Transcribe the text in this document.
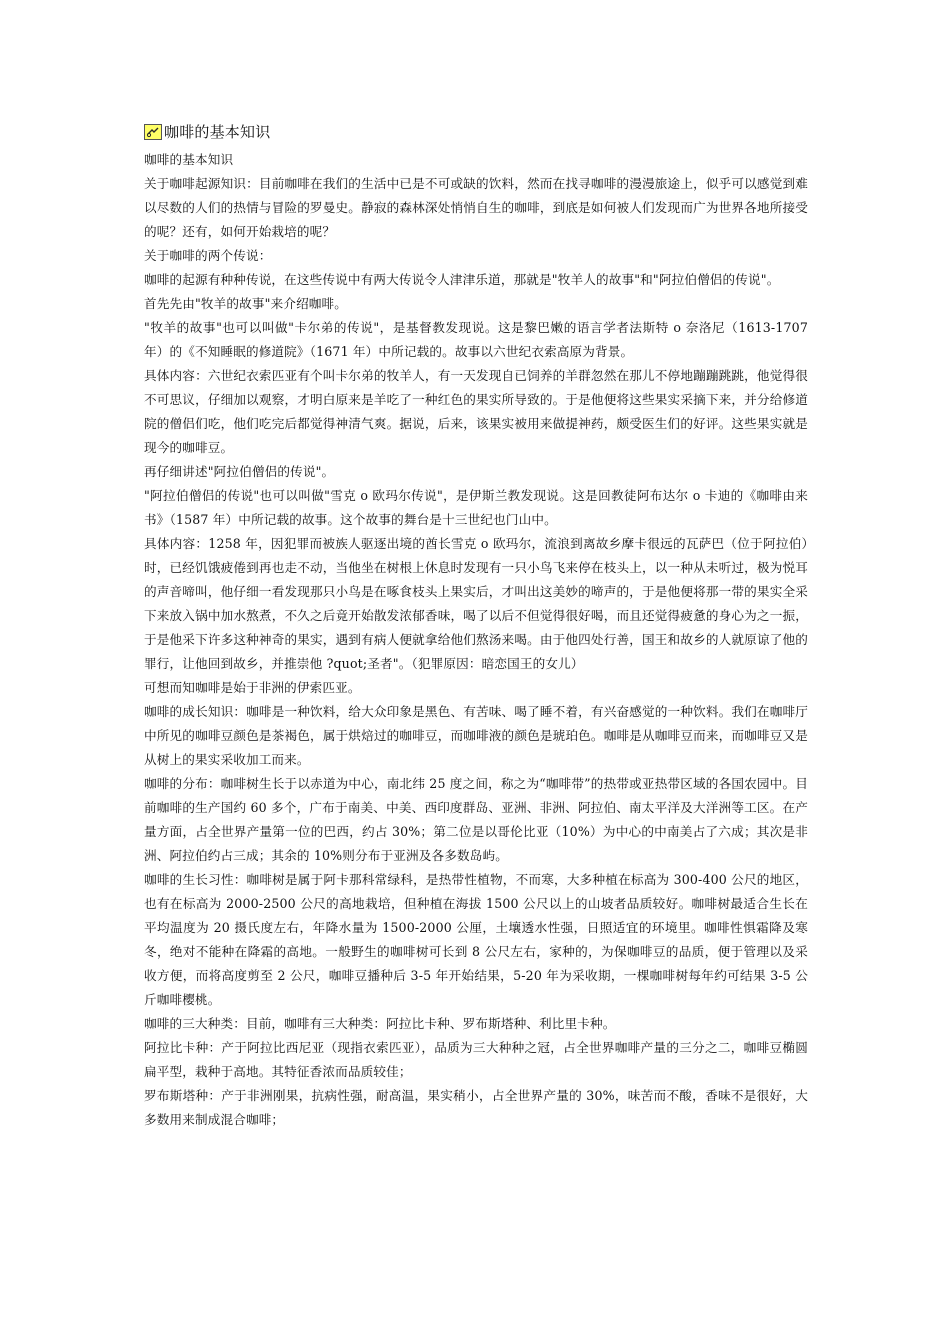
咖啡的基本知识

咖啡的基本知识

关于咖啡起源知识：目前咖啡在我们的生活中已是不可或缺的饮料，然而在找寻咖啡的漫漫旅途上，似乎可以感觉到难以尽数的人们的热情与冒险的罗曼史。静寂的森林深处悄悄自生的咖啡，到底是如何被人们发现而广为世界各地所接受的呢？还有，如何开始栽培的呢？

关于咖啡的两个传说：

咖啡的起源有种种传说，在这些传说中有两大传说令人津津乐道，那就是"牧羊人的故事"和"阿拉伯僧侣的传说"。

首先先由"牧羊的故事"来介绍咖啡。

"牧羊的故事"也可以叫做"卡尔弟的传说"，是基督教发现说。这是黎巴嫩的语言学者法斯特 o 奈洛尼（1613-1707 年）的《不知睡眠的修道院》（1671 年）中所记载的。故事以六世纪衣索高原为背景。

具体内容：六世纪衣索匹亚有个叫卡尔弟的牧羊人，有一天发现自已饲养的羊群忽然在那儿不停地蹦蹦跳跳，他觉得很不可思议，仔细加以观察，才明白原来是羊吃了一种红色的果实所导致的。于是他便将这些果实采摘下来，并分给修道院的僧侣们吃，他们吃完后都觉得神清气爽。据说，后来，该果实被用来做提神药，颇受医生们的好评。这些果实就是现今的咖啡豆。

再仔细讲述"阿拉伯僧侣的传说"。

"阿拉伯僧侣的传说"也可以叫做"雪克 o 欧玛尔传说"，是伊斯兰教发现说。这是回教徒阿布达尔 o 卡迪的《咖啡由来书》（1587 年）中所记载的故事。这个故事的舞台是十三世纪也门山中。

具体内容：1258 年，因犯罪而被族人驱逐出境的酋长雪克 o 欧玛尔，流浪到离故乡摩卡很远的瓦萨巴（位于阿拉伯）时，已经饥饿疲倦到再也走不动，当他坐在树根上休息时发现有一只小鸟飞来停在枝头上，以一种从未听过，极为悦耳的声音啼叫，他仔细一看发现那只小鸟是在啄食枝头上果实后，才叫出这美妙的啼声的，于是他便将那一带的果实全采下来放入锅中加水熬煮，不久之后竟开始散发浓郁香味，喝了以后不但觉得很好喝，而且还觉得疲惫的身心为之一振，于是他采下许多这种神奇的果实，遇到有病人便就拿给他们熬汤来喝。由于他四处行善，国王和故乡的人就原谅了他的罪行，让他回到故乡，并推崇他 ?quot;圣者"。（犯罪原因：暗恋国王的女儿）

可想而知咖啡是始于非洲的伊索匹亚。

咖啡的成长知识：咖啡是一种饮料，给大众印象是黑色、有苦味、喝了睡不着，有兴奋感觉的一种饮料。我们在咖啡厅中所见的咖啡豆颜色是茶褐色，属于烘焙过的咖啡豆，而咖啡液的颜色是琥珀色。咖啡是从咖啡豆而来，而咖啡豆又是从树上的果实采收加工而来。

咖啡的分布：咖啡树生长于以赤道为中心，南北纬 25 度之间，称之为“咖啡带”的热带或亚热带区域的各国农园中。目前咖啡的生产国约 60 多个，广布于南美、中美、西印度群岛、亚洲、非洲、阿拉伯、南太平洋及大洋洲等工区。在产量方面，占全世界产量第一位的巴西，约占 30%；第二位是以哥伦比亚（10%）为中心的中南美占了六成；其次是非洲、阿拉伯约占三成；其余的 10%则分布于亚洲及各多数岛屿。

咖啡的生长习性：咖啡树是属于阿卡那科常绿科，是热带性植物，不而寒，大多种植在标高为 300-400 公尺的地区，也有在标高为 2000-2500 公尺的高地栽培，但种植在海拔 1500 公尺以上的山坡者品质较好。咖啡树最适合生长在平均温度为 20 摄氏度左右，年降水量为 1500-2000 公厘，土壤透水性强，日照适宜的环境里。咖啡性惧霜降及寒冬，绝对不能种在降霜的高地。一般野生的咖啡树可长到 8 公尺左右，家种的，为保咖啡豆的品质，便于管理以及采收方便，而将高度剪至 2 公尺，咖啡豆播种后 3-5 年开始结果，5-20 年为采收期，一棵咖啡树每年约可结果 3-5 公斤咖啡樱桃。

咖啡的三大种类：目前，咖啡有三大种类：阿拉比卡种、罗布斯塔种、利比里卡种。

阿拉比卡种：产于阿拉比西尼亚（现指衣索匹亚），品质为三大种种之冠，占全世界咖啡产量的三分之二，咖啡豆椭圆扁平型，栽种于高地。其特征香浓而品质较佳；

罗布斯塔种：产于非洲刚果，抗病性强，耐高温，果实稍小，占全世界产量的 30%，味苦而不酸，香味不是很好，大多数用来制成混合咖啡；
